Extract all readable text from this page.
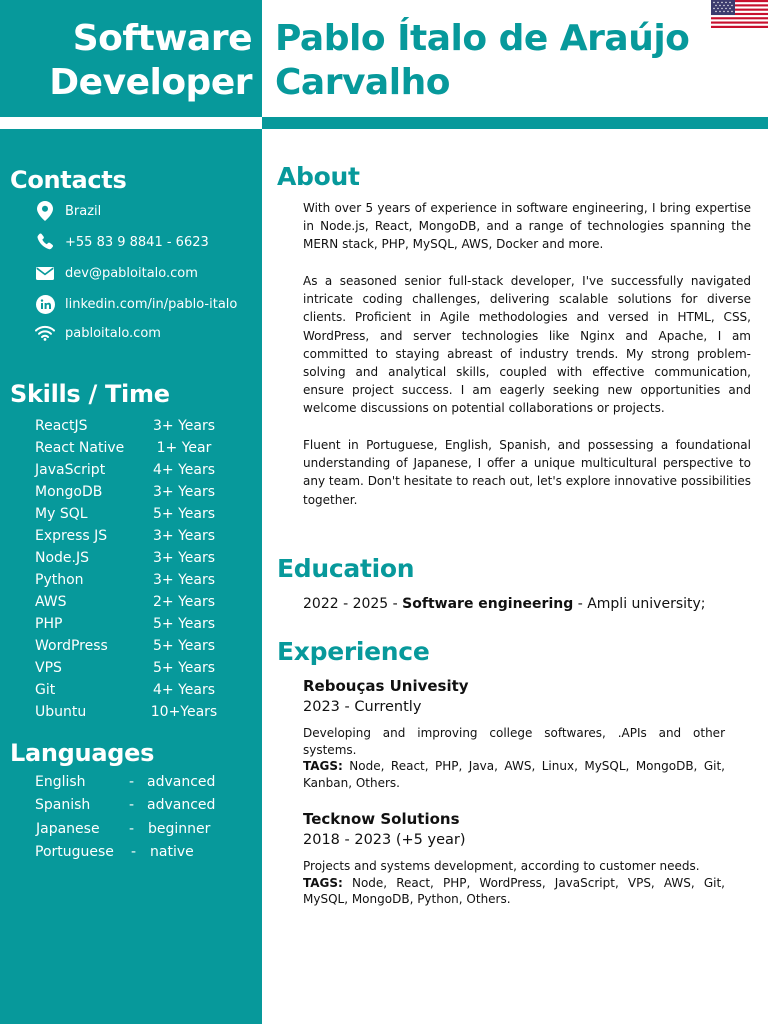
Software
Developer
Contacts
Brazil
+55 83 9 8841 - 6623
dev@pabloitalo.com
linkedin.com/in/pablo-italo
pabloitalo.com
Skills / Time
ReactJS	3+ Years
React Native	1+ Year
JavaScript	4+ Years
MongoDB	3+ Years
My SQL	5+ Years
Express JS	3+ Years
Node.JS	3+ Years
Python	3+ Years
AWS	2+ Years
PHP	5+ Years
WordPress	5+ Years
VPS	5+ Years
Git	4+ Years
Ubuntu	10+Years
Languages
English	- advanced
Spanish	- advanced
Japanese - beginner
Portuguese - native
Pablo Ítalo de Araújo
Carvalho
About

With over 5 years of experience in software engineering, I bring expertise in Node.js, React, MongoDB, and a range of technologies spanning the MERN stack, PHP, MySQL, AWS, Docker and more.

As a seasoned senior full-stack developer, I've successfully navigated intricate coding challenges, delivering scalable solutions for diverse clients. Proficient in Agile methodologies and versed in HTML, CSS, WordPress, and server technologies like Nginx and Apache, I am committed to staying abreast of industry trends. My strong problem-solving and analytical skills, coupled with effective communication, ensure project success. I am eagerly seeking new opportunities and welcome discussions on potential collaborations or projects.

Fluent in Portuguese, English, Spanish, and possessing a foundational understanding of Japanese, I offer a unique multicultural perspective to any team. Don't hesitate to reach out, let's explore innovative possibilities together.

Education
2022 - 2025 - Software engineering - Ampli university;
Experience
Rebouças Univesity
2023 - Currently

Developing and improving college softwares, .APIs and other systems.
TAGS: Node, React, PHP, Java, AWS, Linux, MySQL, MongoDB, Git, Kanban, Others.

Tecknow Solutions
2018 - 2023 (+5 year)

Projects and systems development, according to customer needs.
TAGS: Node, React, PHP, WordPress, JavaScript, VPS, AWS, Git, MySQL, MongoDB, Python, Others.
